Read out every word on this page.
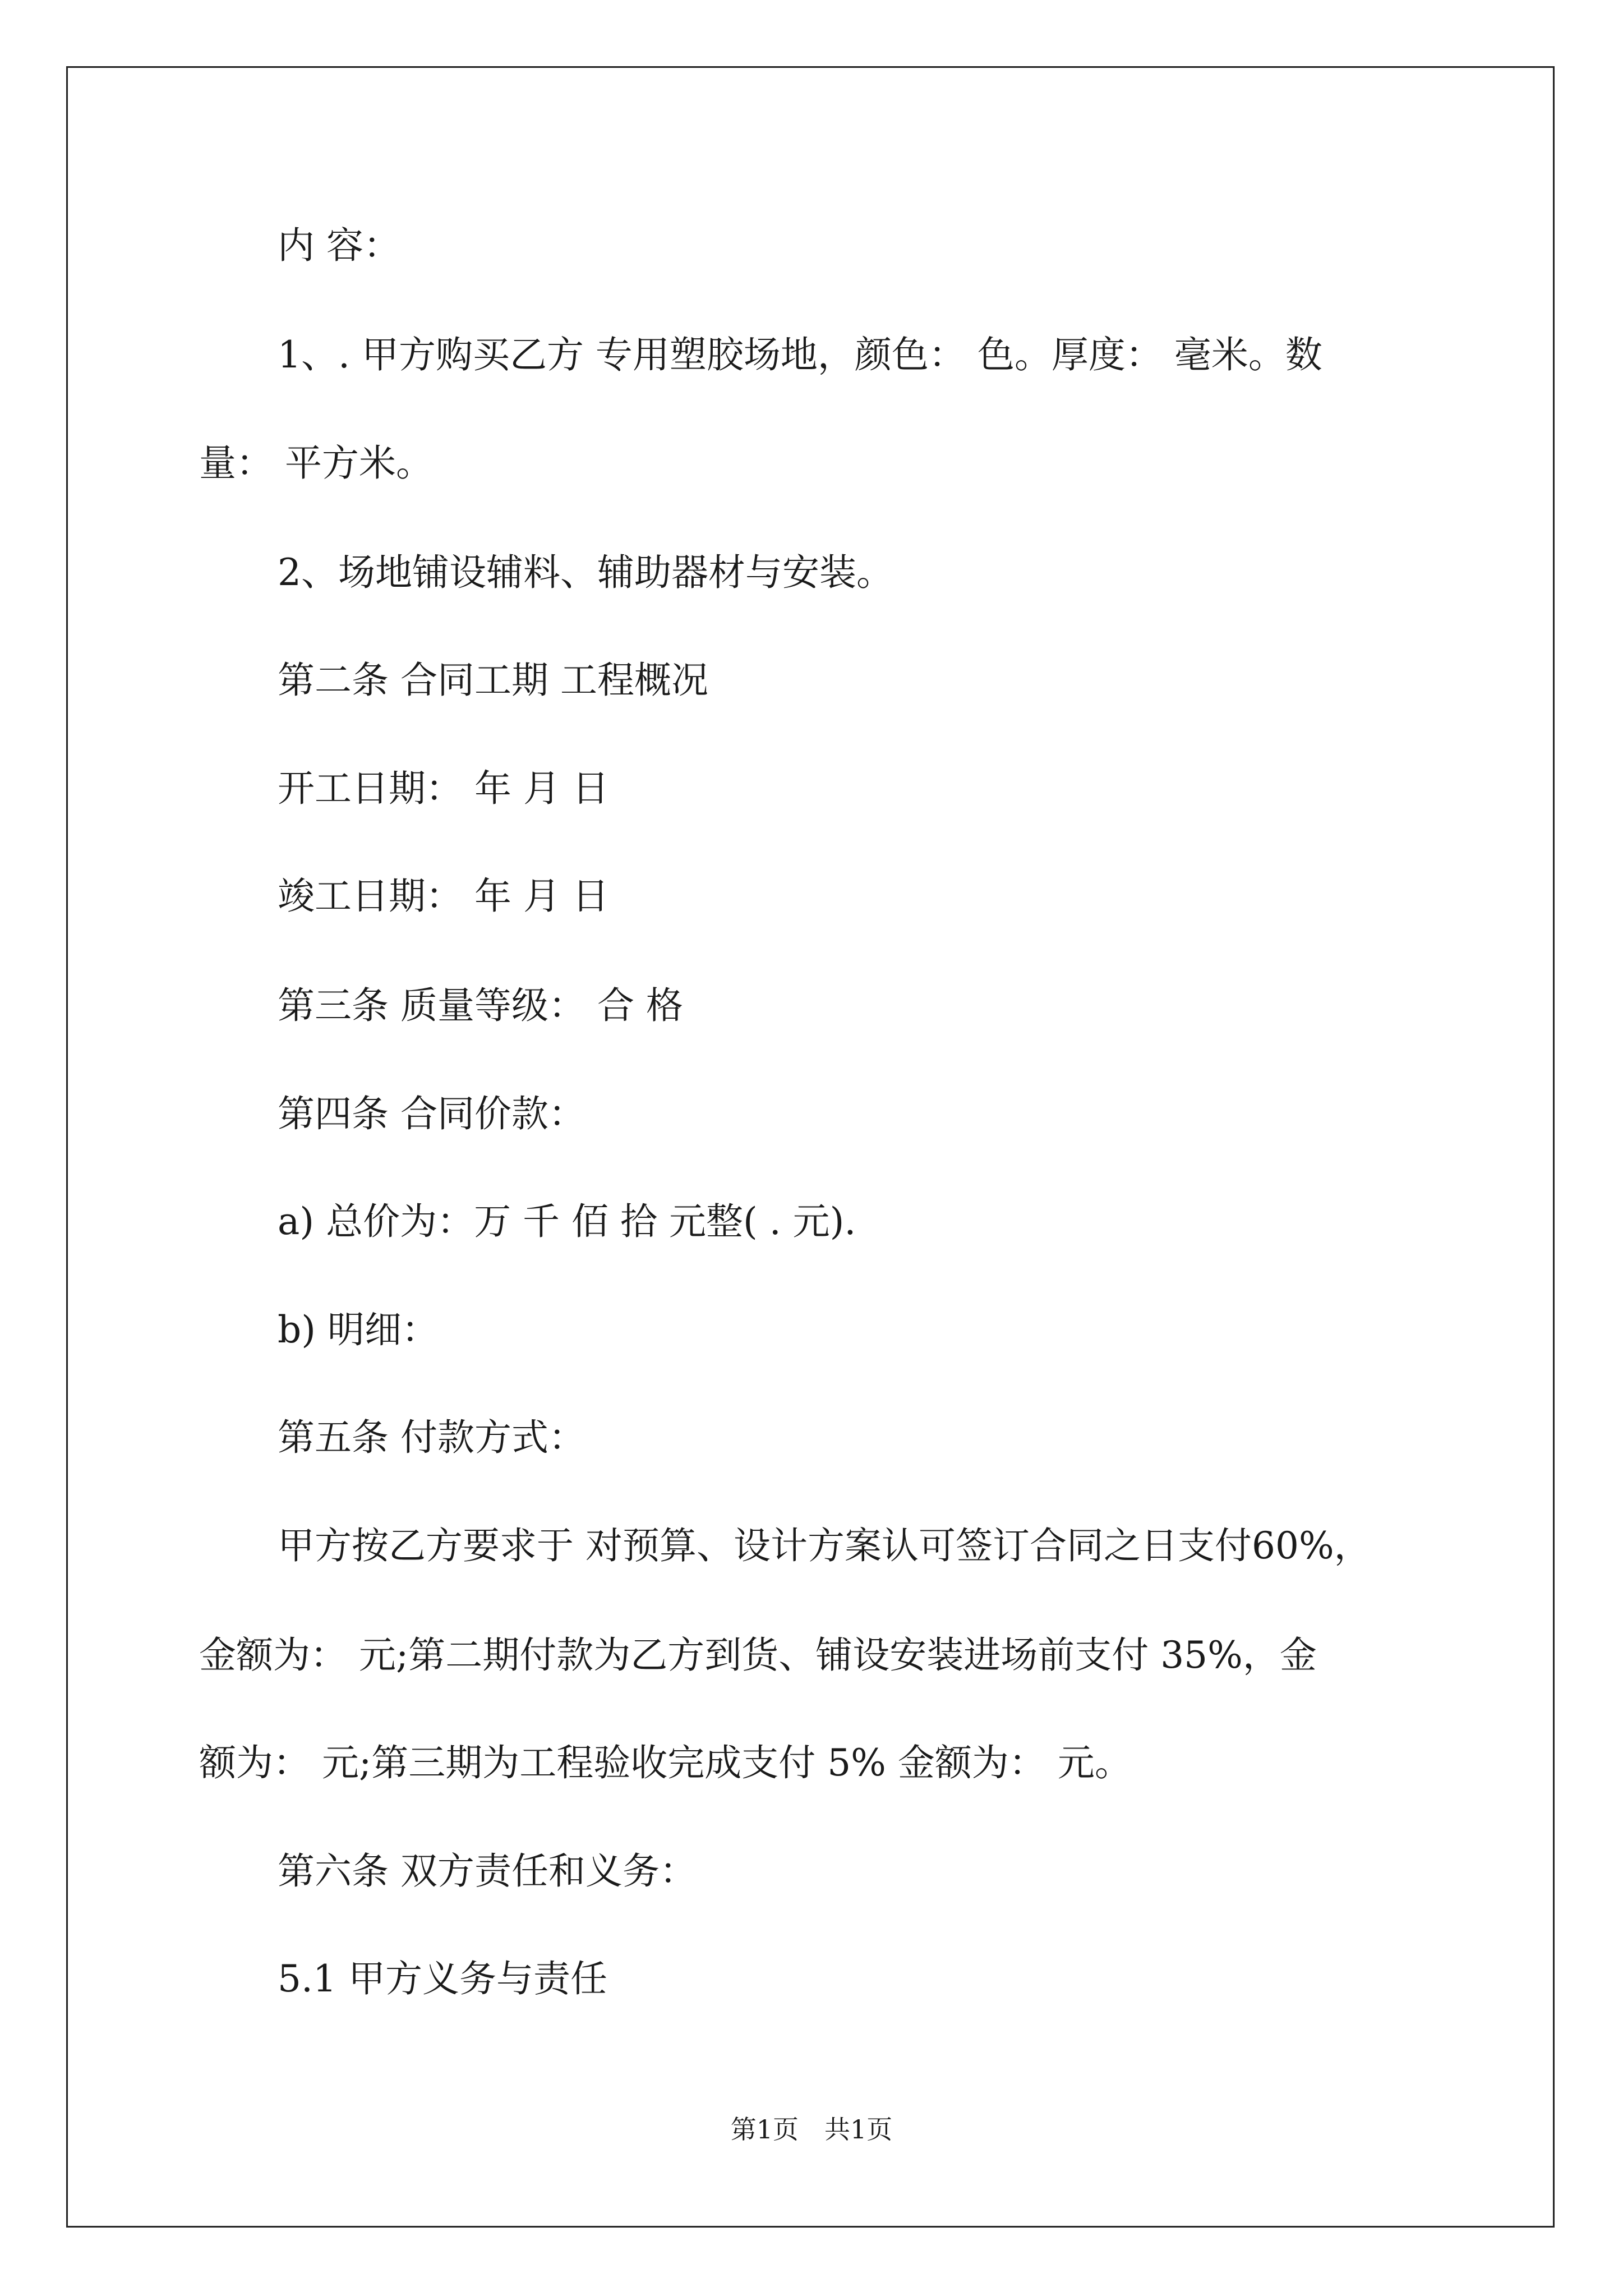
内 容：
1、. 甲方购买乙方 专用塑胶场地，颜色： 色。厚度： 毫米。数
量： 平方米。
2、场地铺设辅料、辅助器材与安装。
第二条 合同工期 工程概况
开工日期： 年 月 日
竣工日期： 年 月 日
第三条 质量等级： 合 格
第四条 合同价款：
a) 总价为：万 千 佰 拾 元整( . 元).
b) 明细：
第五条 付款方式：
甲方按乙方要求于 对预算、设计方案认可签订合同之日支付60%，
金额为： 元;第二期付款为乙方到货、铺设安装进场前支付 35%，金
额为： 元;第三期为工程验收完成支付 5% 金额为： 元。
第六条 双方责任和义务：
5.1 甲方义务与责任
第1页　共1页
